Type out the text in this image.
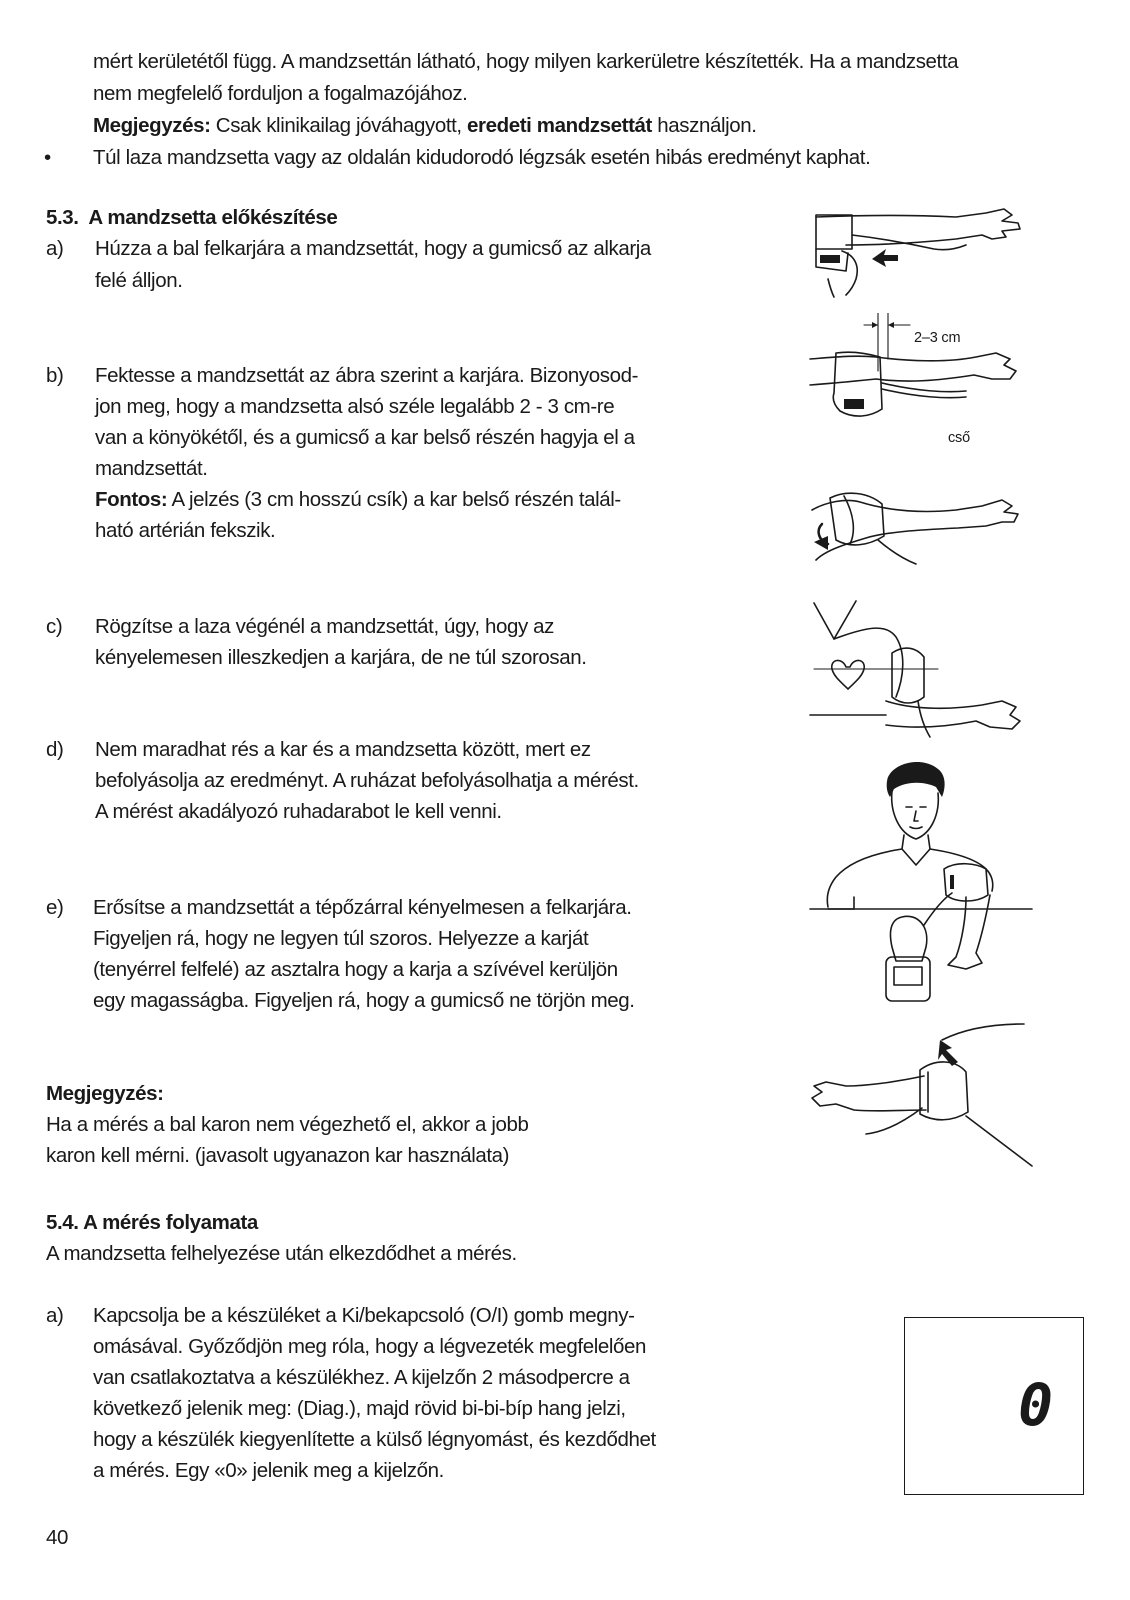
mért kerületétől függ. A mandzsettán látható, hogy milyen karkerületre készítették. Ha a mandzsetta

nem megfelelő forduljon a fogalmazójához.

Megjegyzés: Csak klinikailag jóváhagyott, eredeti mandzsettát használjon.

• Túl laza mandzsetta vagy az oldalán kidudorodó légzsák esetén hibás eredményt kaphat.

5.3.  A mandzsetta előkészítése

a) Húzza a bal felkarjára a mandzsettát, hogy a gumicső az alkarja

felé álljon.

b) Fektesse a mandzsettát az ábra szerint a karjára. Bizonyosod-

jon meg, hogy a mandzsetta alsó széle legalább 2 - 3 cm-re

van a könyökétől, és a gumicső a kar belső részén hagyja el a

mandzsettát.

Fontos: A jelzés (3 cm hosszú csík) a kar belső részén talál-

ható artérián fekszik.

c) Rögzítse a laza végénél a mandzsettát, úgy, hogy az

kényelemesen illeszkedjen a karjára, de ne túl szorosan.

d) Nem maradhat rés a kar és a mandzsetta között, mert ez

befolyásolja az eredményt. A ruházat befolyásolhatja a mérést.

A mérést akadályozó ruhadarabot le kell venni.

e) Erősítse a mandzsettát a tépőzárral kényelmesen a felkarjára.

Figyeljen rá, hogy ne legyen túl szoros. Helyezze a karját

(tenyérrel felfelé) az asztalra hogy a karja a szívével kerüljön

egy magasságba. Figyeljen rá, hogy a gumicső ne törjön meg.

Megjegyzés:

Ha a mérés a bal karon nem végezhető el, akkor a jobb

karon kell mérni. (javasolt ugyanazon kar használata)

5.4. A mérés folyamata

A mandzsetta felhelyezése után elkezdődhet a mérés.

a) Kapcsolja be a készüléket a Ki/bekapcsoló (O/I) gomb megny-

omásával. Győződjön meg róla, hogy a légvezeték megfelelően

van csatlakoztatva a készülékhez. A kijelzőn 2 másodpercre a

következő jelenik meg: (Diag.), majd rövid bi-bi-bíp hang jelzi,

hogy a készülék kiegyenlítette a külső légnyomást, és kezdődhet

a mérés. Egy «0» jelenik meg a kijelzőn.

40

2–3 cm
cső
0
